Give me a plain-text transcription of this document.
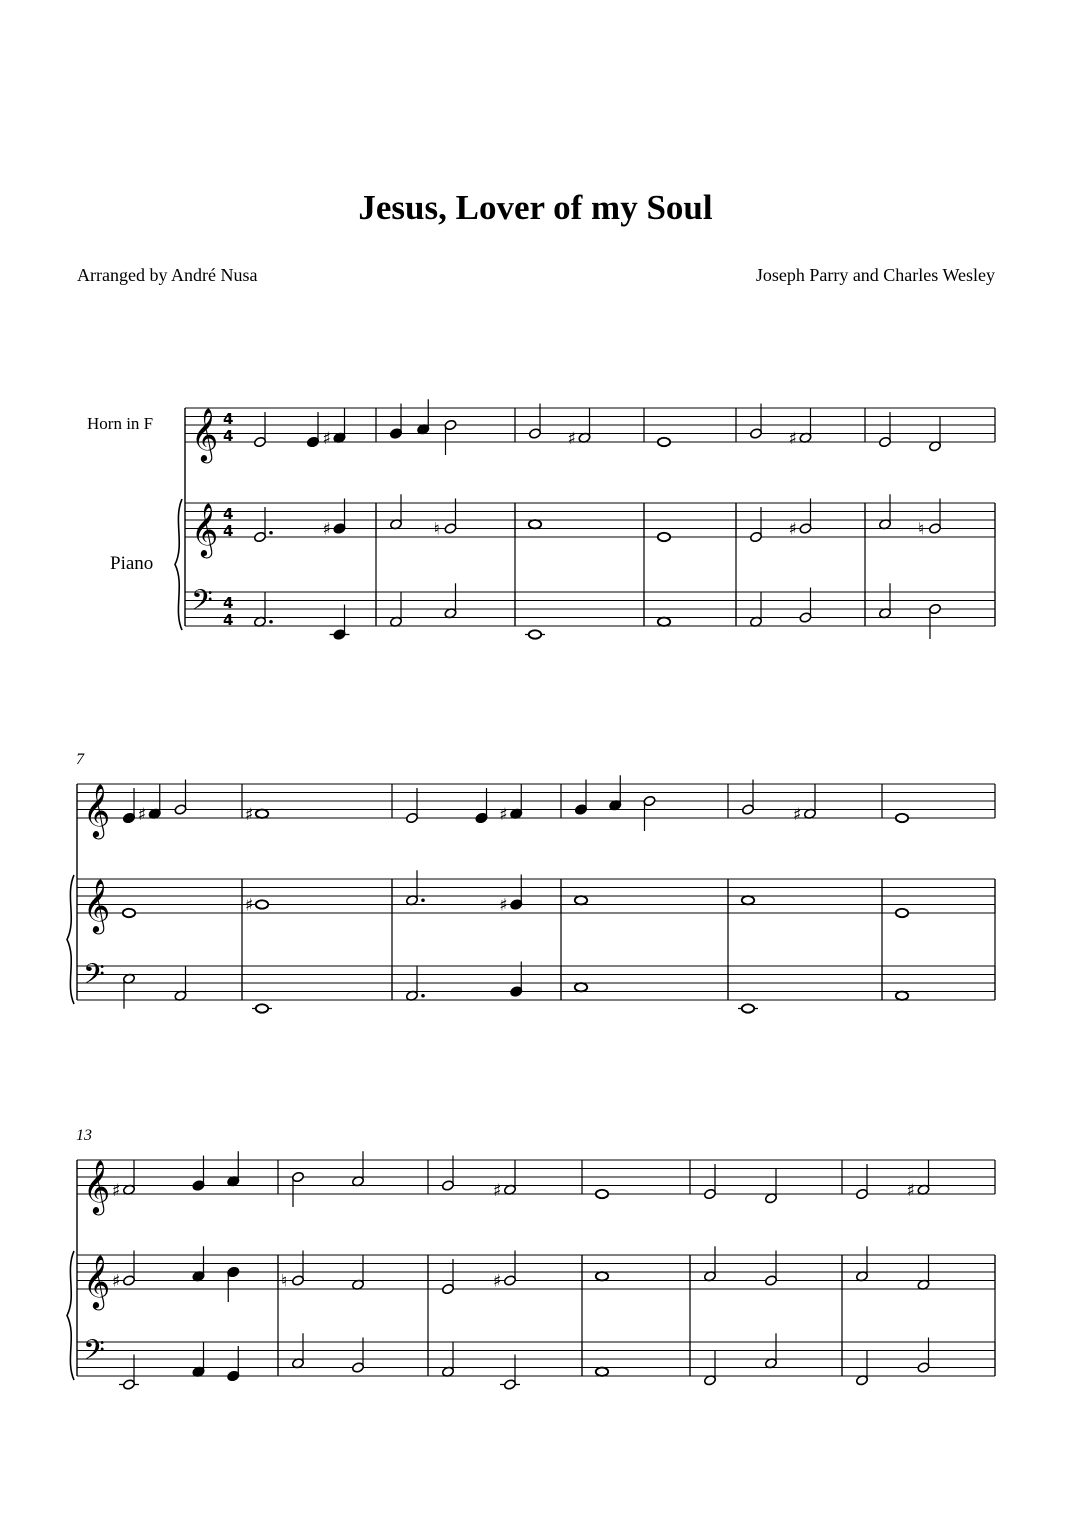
Jesus, Lover of my Soul
Arranged by André Nusa	Joseph Parry and Charles Wesley
Horn in F
Piano
𝄞 4
4	♯	♯	♯
𝄞 4
4	♯	♮	♯	♮
𝄢 4
4
𝄞 ♯	♯	♯	♯
𝄞	♯	♯
𝄢
7
𝄞 ♯	♯	♯
𝄞 ♯	♮	♯
𝄢
13
